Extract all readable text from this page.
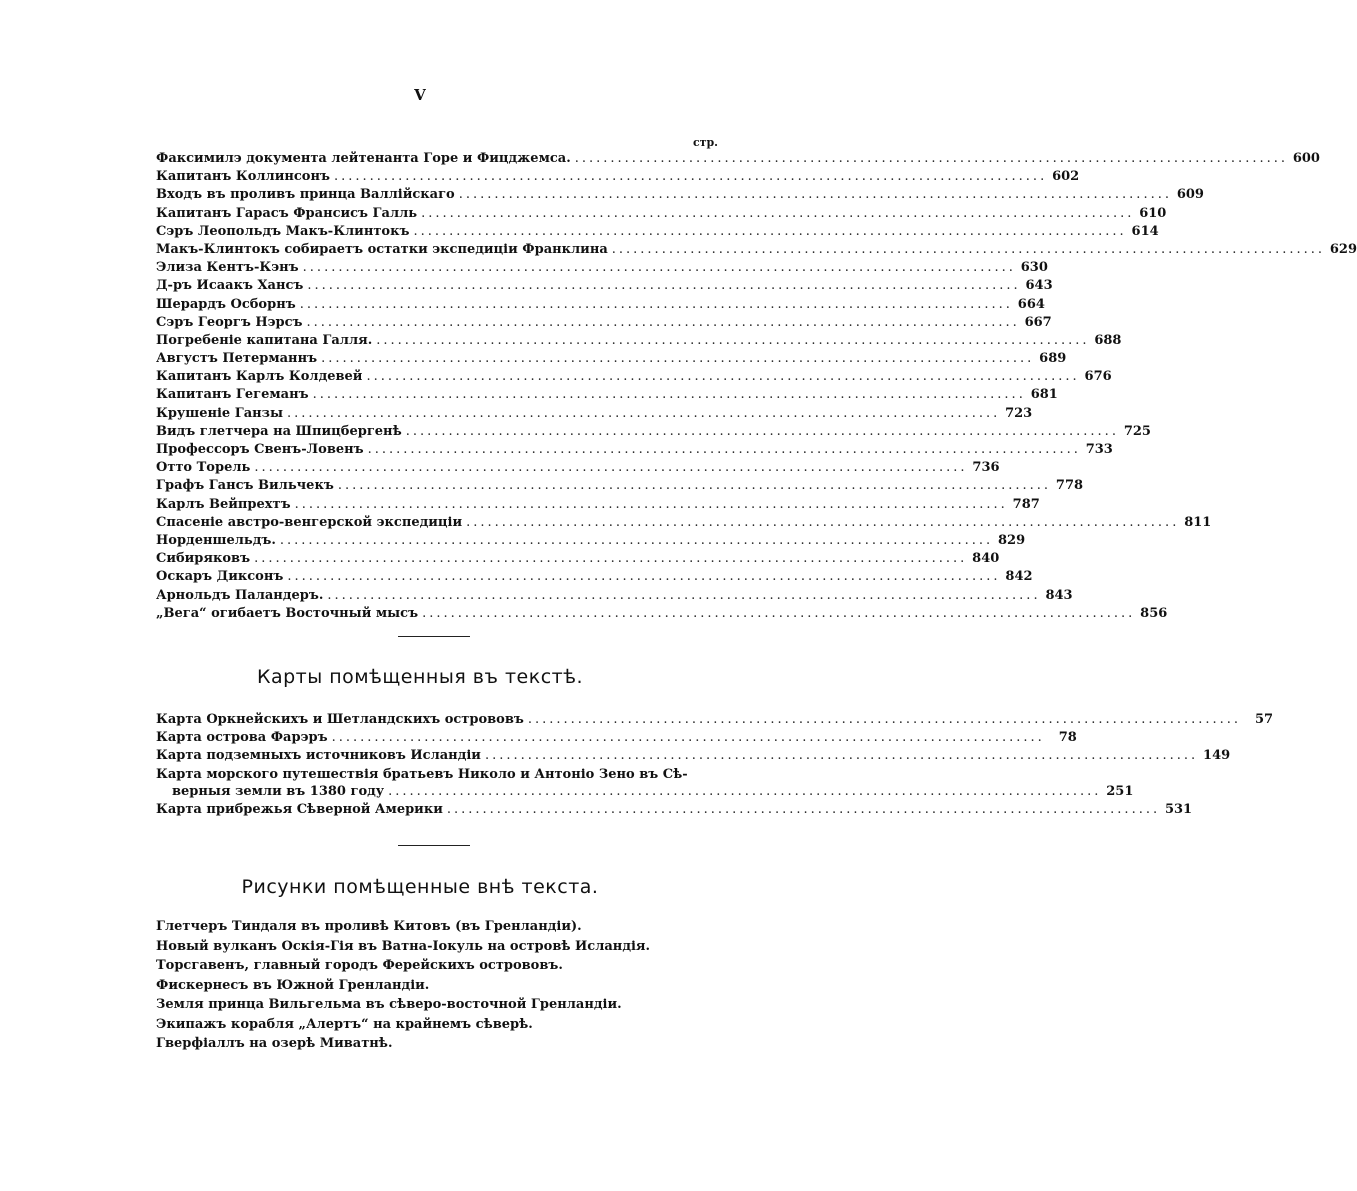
V
стр.
Факсимилэ документа лейтенанта Горе и Фицджемса. .................................................................................................... 600
Капитанъ Коллинсонъ .................................................................................................... 602
Входъ въ проливъ принца Валлійскаго .................................................................................................... 609
Капитанъ Гарасъ Франсисъ Галль .................................................................................................... 610
Сэръ Леопольдъ Макъ-Клинтокъ .................................................................................................... 614
Макъ-Клинтокъ собираетъ остатки экспедиціи Франклина .................................................................................................... 629
Элиза Кентъ-Кэнъ .................................................................................................... 630
Д-ръ Исаакъ Хансъ .................................................................................................... 643
Шерардъ Осборнъ .................................................................................................... 664
Сэръ Георгъ Нэрсъ .................................................................................................... 667
Погребеніе капитана Галля. .................................................................................................... 688
Августъ Петерманнъ .................................................................................................... 689
Капитанъ Карлъ Колдевей .................................................................................................... 676
Капитанъ Гегеманъ .................................................................................................... 681
Крушеніе Ганзы .................................................................................................... 723
Видъ глетчера на Шпицбергенѣ .................................................................................................... 725
Профессоръ Свенъ-Ловенъ .................................................................................................... 733
Отто Торель .................................................................................................... 736
Графъ Гансъ Вильчекъ .................................................................................................... 778
Карлъ Вейпрехтъ .................................................................................................... 787
Спасеніе австро-венгерской экспедиціи .................................................................................................... 811
Норденшельдъ. .................................................................................................... 829
Сибиряковъ .................................................................................................... 840
Оскаръ Диксонъ .................................................................................................... 842
Арнольдъ Паландеръ. .................................................................................................... 843
„Вега“ огибаетъ Восточный мысъ .................................................................................................... 856
Карты помѣщенныя въ текстѣ.
Карта Оркнейскихъ и Шетландскихъ острововъ ....................................................................................................	57
Карта острова Фарэръ ....................................................................................................	78
Карта подземныхъ источниковъ Исландіи .................................................................................................... 149
Карта морского путешествія братьевъ Николо и Антоніо Зено въ Сѣ-
верныя земли въ 1380 году .................................................................................................... 251
Карта прибрежья Сѣверной Америки .................................................................................................... 531
Рисунки помѣщенные внѣ текста.
Глетчеръ Тиндаля въ проливѣ Китовъ (въ Гренландіи).
Новый вулканъ Оскія-Гія въ Ватна-Іокуль на островѣ Исландія.
Торсгавенъ, главный городъ Ферейскихъ острововъ.
Фискернесъ въ Южной Гренландіи.
Земля принца Вильгельма въ сѣверо-восточной Гренландіи.
Экипажъ корабля „Алертъ“ на крайнемъ сѣверѣ.
Гверфіаллъ на озерѣ Миватнѣ.
